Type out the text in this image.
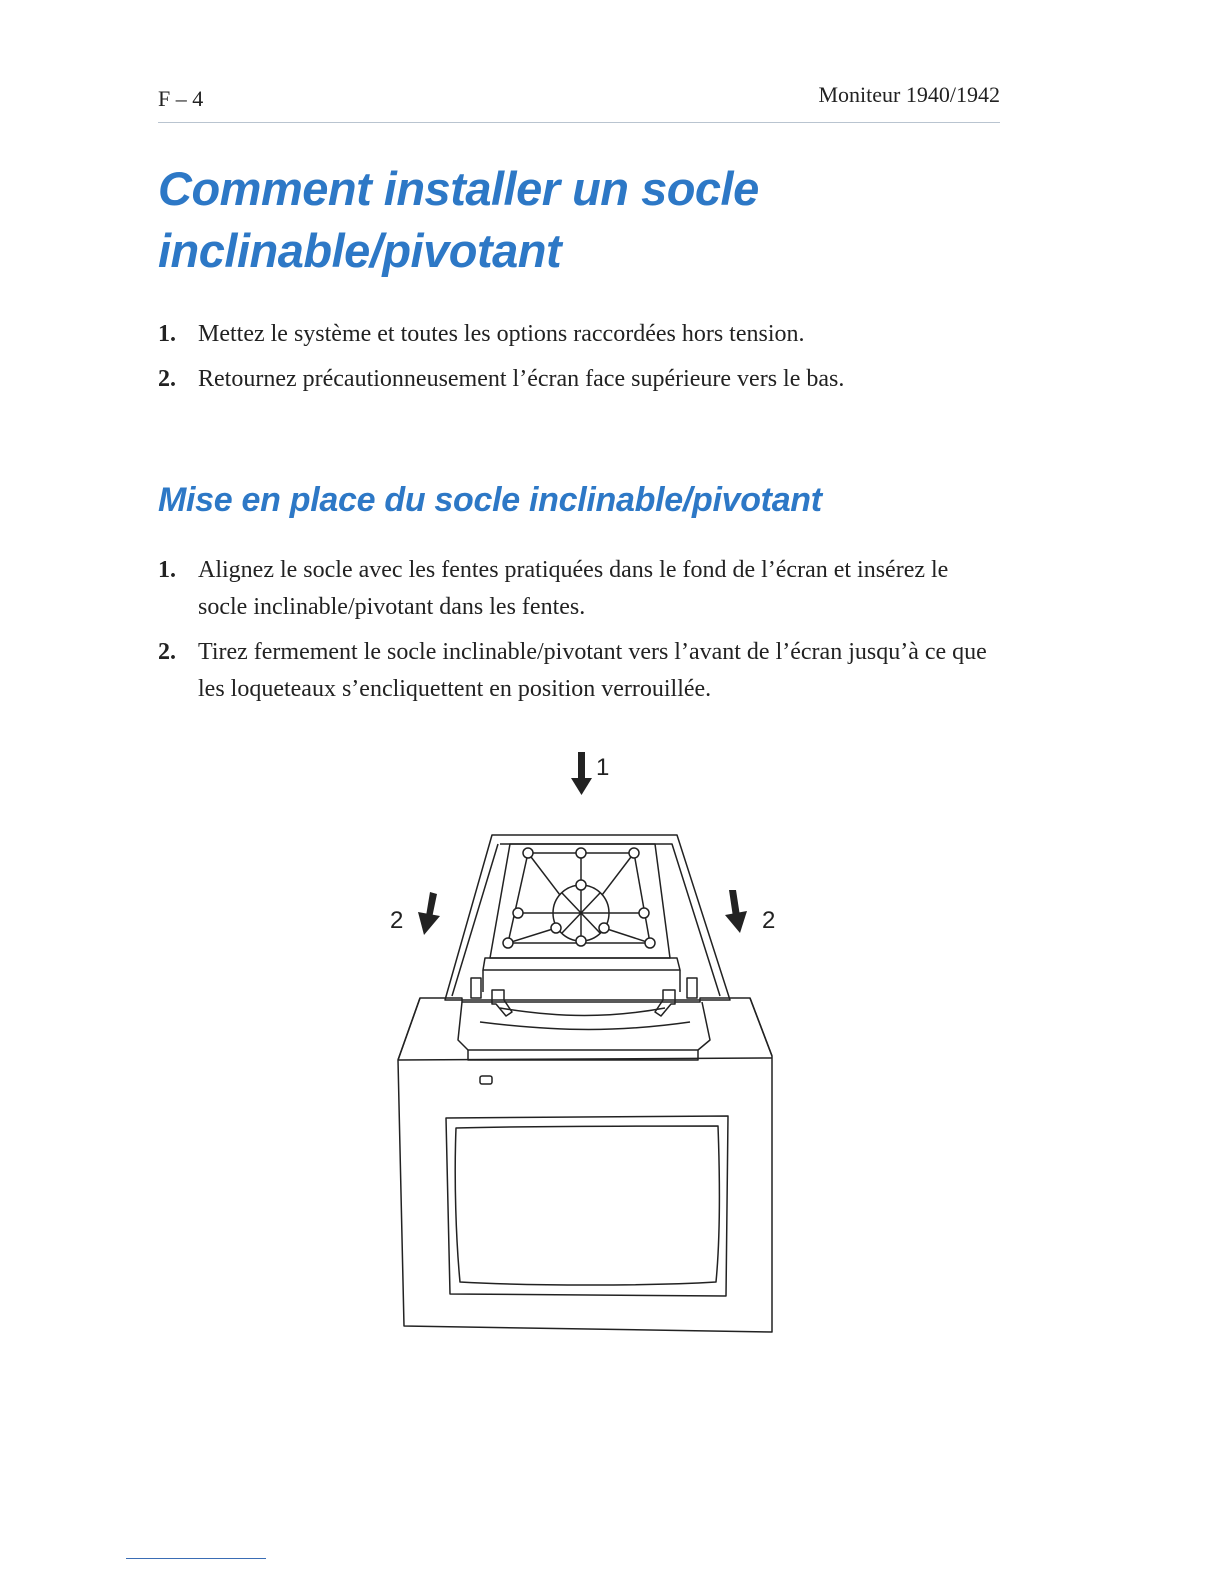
F – 4	Moniteur 1940/1942
Comment installer un socle inclinable/pivotant
1. Mettez le système et toutes les options raccordées hors tension.
2. Retournez précautionneusement l’écran face supérieure vers le bas.
Mise en place du socle inclinable/pivotant
1. Alignez le socle avec les fentes pratiquées dans le fond de l’écran et insérez le socle inclinable/pivotant dans les fentes.
2. Tirez fermement le socle inclinable/pivotant vers l’avant de l’écran jusqu’à ce que les loqueteaux s’encliquettent en position verrouillée.
1
2	2
